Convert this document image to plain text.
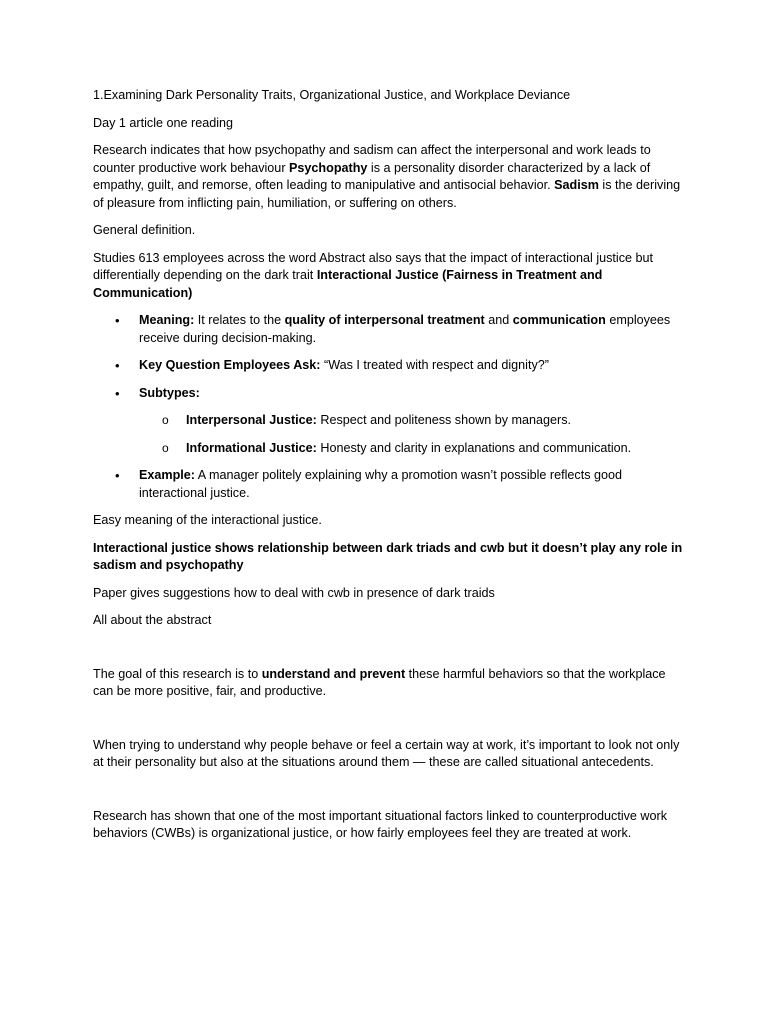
1.Examining Dark Personality Traits, Organizational Justice, and Workplace Deviance

Day 1 article one reading

Research indicates that how psychopathy and sadism can affect the interpersonal and work leads to counter productive work behaviour Psychopathy is a personality disorder characterized by a lack of empathy, guilt, and remorse, often leading to manipulative and antisocial behavior. Sadism is the deriving of pleasure from inflicting pain, humiliation, or suffering on others.

General definition.

Studies 613 employees across the word Abstract also says that the impact of interactional justice but differentially depending on the dark trait Interactional Justice (Fairness in Treatment and Communication)

• Meaning: It relates to the quality of interpersonal treatment and communication employees receive during decision-making.
• Key Question Employees Ask: “Was I treated with respect and dignity?”
• Subtypes:
o Interpersonal Justice: Respect and politeness shown by managers.
o Informational Justice: Honesty and clarity in explanations and communication.
• Example: A manager politely explaining why a promotion wasn’t possible reflects good interactional justice.

Easy meaning of the interactional justice.

Interactional justice shows relationship between dark triads and cwb but it doesn’t play any role in sadism and psychopathy

Paper gives suggestions how to deal with cwb in presence of dark traids

All about the abstract

The goal of this research is to understand and prevent these harmful behaviors so that the workplace can be more positive, fair, and productive.

When trying to understand why people behave or feel a certain way at work, it’s important to look not only at their personality but also at the situations around them — these are called situational antecedents.

Research has shown that one of the most important situational factors linked to counterproductive work behaviors (CWBs) is organizational justice, or how fairly employees feel they are treated at work.
